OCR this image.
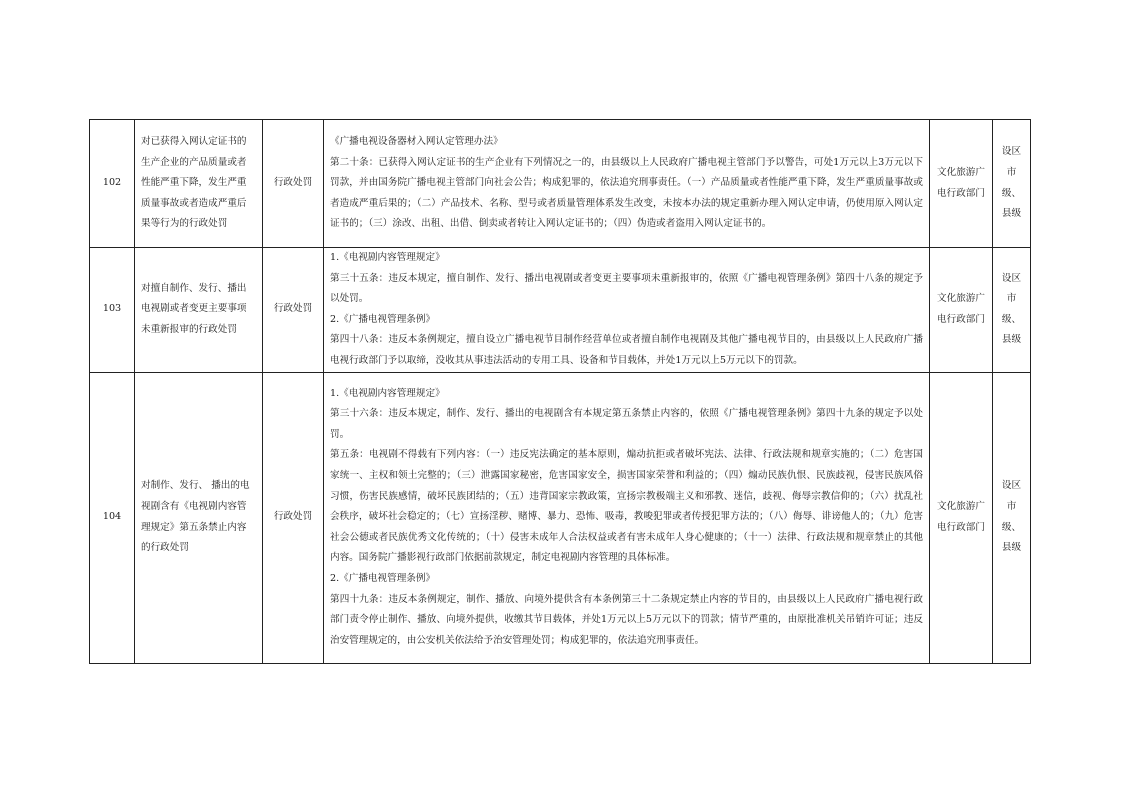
102	对已获得入网认定证书的生产企业的产品质量或者性能严重下降，发生严重质量事故或者造成严重后果等行为的行政处罚	行政处罚	《广播电视设备器材入网认定管理办法》
第二十条：已获得入网认定证书的生产企业有下列情况之一的，由县级以上人民政府广播电视主管部门予以警告，可处1万元以上3万元以下罚款，并由国务院广播电视主管部门向社会公告；构成犯罪的，依法追究刑事责任。（一）产品质量或者性能严重下降，发生严重质量事故或者造成严重后果的；（二）产品技术、名称、型号或者质量管理体系发生改变，未按本办法的规定重新办理入网认定申请，仍使用原入网认定证书的；（三）涂改、出租、出借、倒卖或者转让入网认定证书的；（四）伪造或者盗用入网认定证书的。	文化旅游广电行政部门	设区市级、县级
103	对擅自制作、发行、播出电视剧或者变更主要事项未重新报审的行政处罚	行政处罚	1.《电视剧内容管理规定》
第三十五条：违反本规定，擅自制作、发行、播出电视剧或者变更主要事项未重新报审的，依照《广播电视管理条例》第四十八条的规定予以处罚。
2.《广播电视管理条例》
第四十八条：违反本条例规定，擅自设立广播电视节目制作经营单位或者擅自制作电视剧及其他广播电视节目的，由县级以上人民政府广播电视行政部门予以取缔，没收其从事违法活动的专用工具、设备和节目载体，并处1万元以上5万元以下的罚款。	文化旅游广电行政部门	设区市级、县级
104	对制作、发行、 播出的电视剧含有《电视剧内容管理规定》第五条禁止内容的行政处罚	行政处罚	1.《电视剧内容管理规定》
第三十六条：违反本规定，制作、发行、播出的电视剧含有本规定第五条禁止内容的，依照《广播电视管理条例》第四十九条的规定予以处罚。
第五条：电视剧不得载有下列内容：（一）违反宪法确定的基本原则，煽动抗拒或者破坏宪法、法律、行政法规和规章实施的；（二）危害国家统一、主权和领土完整的；（三）泄露国家秘密，危害国家安全，损害国家荣誉和利益的；（四）煽动民族仇恨、民族歧视，侵害民族风俗习惯，伤害民族感情，破坏民族团结的；（五）违背国家宗教政策，宣扬宗教极端主义和邪教、迷信，歧视、侮辱宗教信仰的；（六）扰乱社会秩序，破坏社会稳定的；（七）宣扬淫秽、赌博、暴力、恐怖、吸毒，教唆犯罪或者传授犯罪方法的；（八）侮辱、诽谤他人的；（九）危害社会公德或者民族优秀文化传统的；（十）侵害未成年人合法权益或者有害未成年人身心健康的；（十一）法律、行政法规和规章禁止的其他内容。国务院广播影视行政部门依据前款规定，制定电视剧内容管理的具体标准。
2.《广播电视管理条例》
第四十九条：违反本条例规定，制作、播放、向境外提供含有本条例第三十二条规定禁止内容的节目的，由县级以上人民政府广播电视行政部门责令停止制作、播放、向境外提供，收缴其节目载体，并处1万元以上5万元以下的罚款；情节严重的，由原批准机关吊销许可证；违反治安管理规定的，由公安机关依法给予治安管理处罚；构成犯罪的，依法追究刑事责任。	文化旅游广电行政部门	设区市级、县级
